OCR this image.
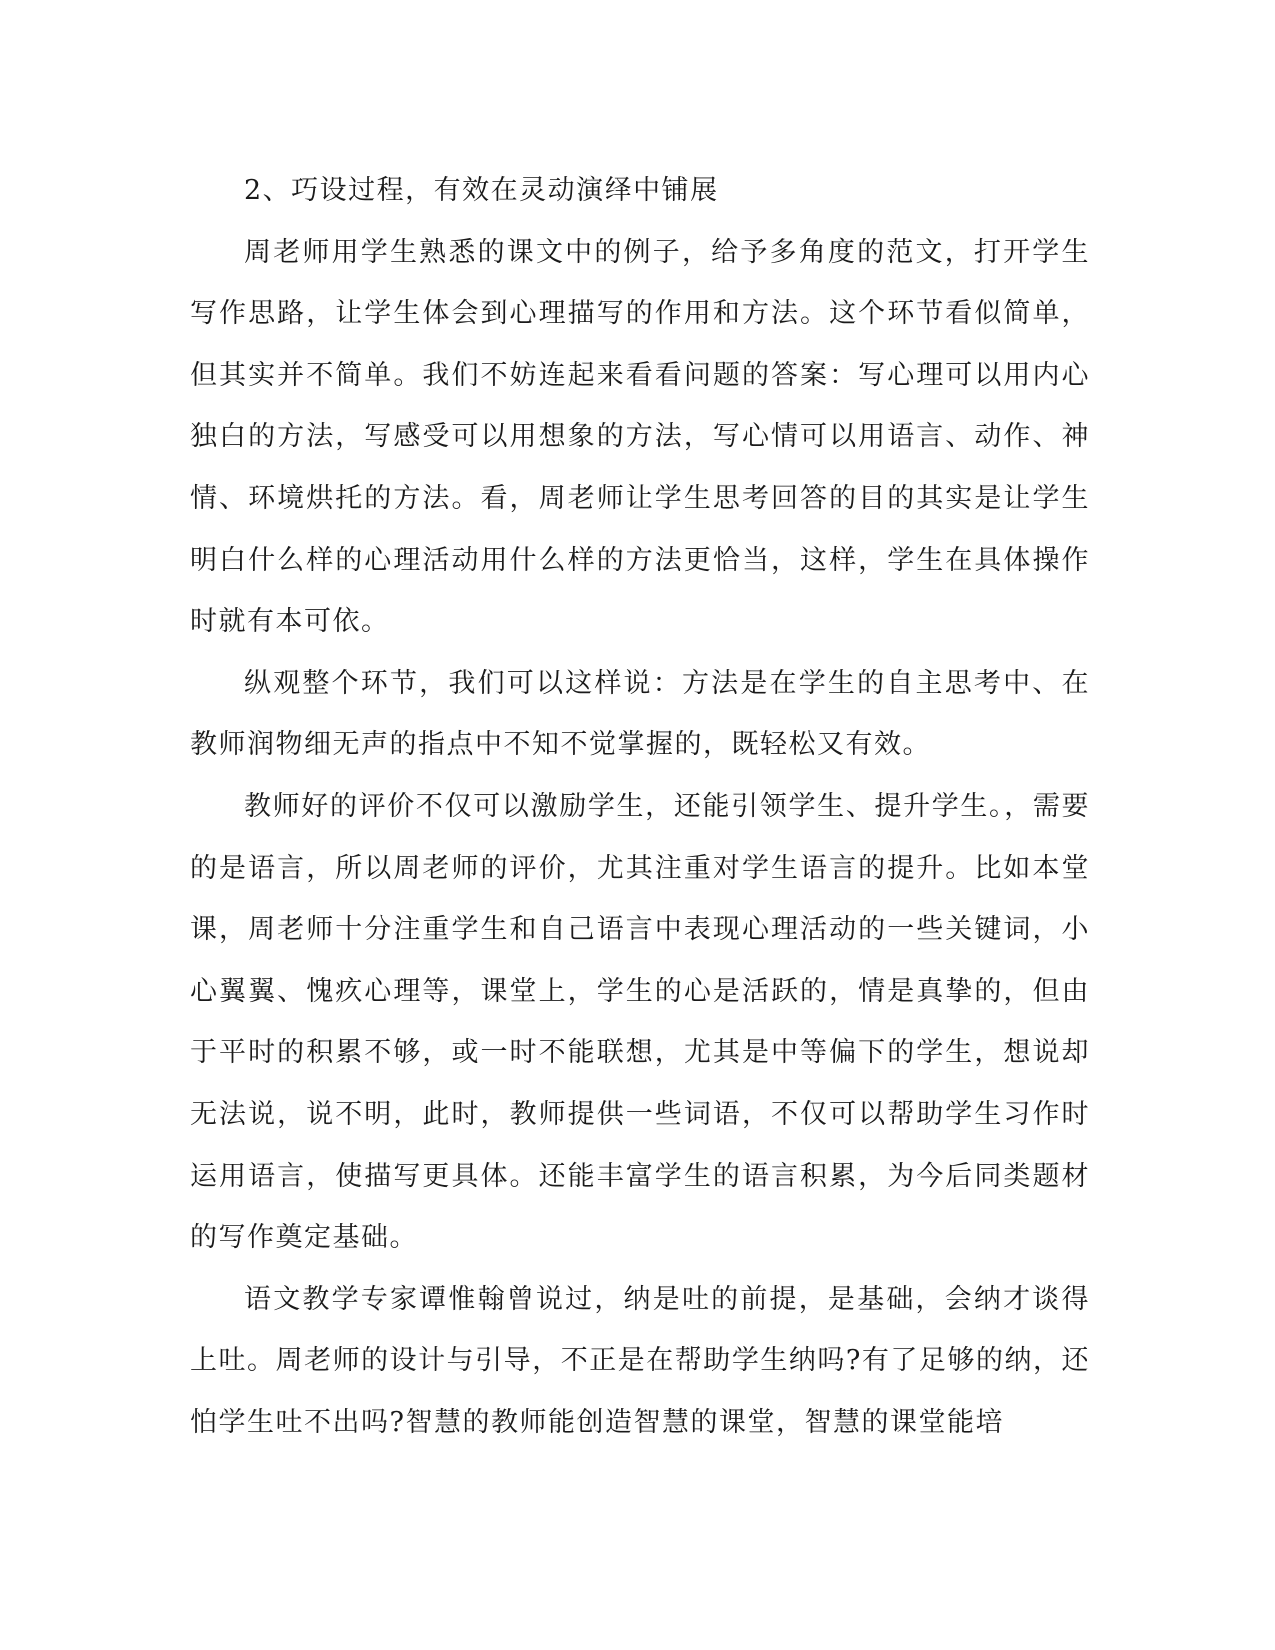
2、巧设过程，有效在灵动演绎中铺展

周老师用学生熟悉的课文中的例子，给予多角度的范文，打开学生写作思路，让学生体会到心理描写的作用和方法。这个环节看似简单，但其实并不简单。我们不妨连起来看看问题的答案：写心理可以用内心独白的方法，写感受可以用想象的方法，写心情可以用语言、动作、神情、环境烘托的方法。看，周老师让学生思考回答的目的其实是让学生明白什么样的心理活动用什么样的方法更恰当，这样，学生在具体操作时就有本可依。

纵观整个环节，我们可以这样说：方法是在学生的自主思考中、在教师润物细无声的指点中不知不觉掌握的，既轻松又有效。

教师好的评价不仅可以激励学生，还能引领学生、提升学生。，需要的是语言，所以周老师的评价，尤其注重对学生语言的提升。比如本堂课，周老师十分注重学生和自己语言中表现心理活动的一些关键词，小心翼翼、愧疚心理等，课堂上，学生的心是活跃的，情是真挚的，但由于平时的积累不够，或一时不能联想，尤其是中等偏下的学生，想说却无法说，说不明，此时，教师提供一些词语，不仅可以帮助学生习作时运用语言，使描写更具体。还能丰富学生的语言积累，为今后同类题材的写作奠定基础。

语文教学专家谭惟翰曾说过，纳是吐的前提，是基础，会纳才谈得上吐。周老师的设计与引导，不正是在帮助学生纳吗?有了足够的纳，还怕学生吐不出吗?智慧的教师能创造智慧的课堂，智慧的课堂能培
